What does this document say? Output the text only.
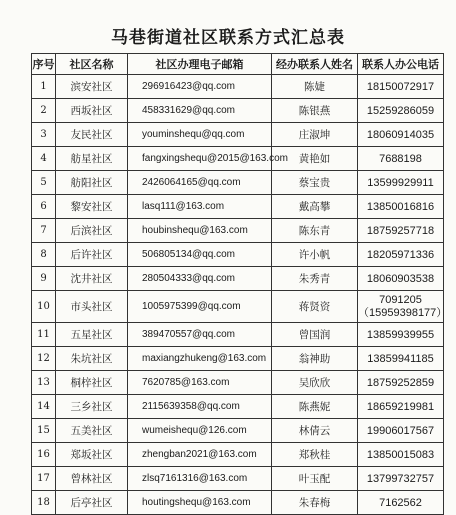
马巷街道社区联系方式汇总表
序号	社区名称	社区办理电子邮箱	经办联系人姓名	联系人办公电话
1	滨安社区	296916423@qq.com	陈婕	18150072917
2	西坂社区	458331629@qq.com	陈银燕	15259286059
3	友民社区	youminshequ@qq.com	庄淑坤	18060914035
4	舫星社区	fangxingshequ@2015@163.com	黄艳如	7688198
5	舫阳社区	2426064165@qq.com	蔡宝贵	13599929911
6	黎安社区	lasq111@163.com	戴高攀	13850016816
7	后滨社区	houbinshequ@163.com	陈东青	18759257718
8	后许社区	506805134@qq.com	许小帆	18205971336
9	沈井社区	280504333@qq.com	朱秀青	18060903538
10	市头社区	1005975399@qq.com	蒋贤资	7091205
（15959398177）

11	五星社区	389470557@qq.com	曾国润	13859939955
12	朱坑社区	maxiangzhukeng@163.com	翁神助	13859941185
13	桐梓社区	7620785@163.com	吴欣欣	18759252859
14	三乡社区	2115639358@qq.com	陈燕妮	18659219981
15	五美社区	wumeishequ@126.com	林倩云	19906017567
16	郑坂社区	zhengban2021@163.com	郑秋桂	13850015083
17	曾林社区	zlsq7161316@163.com	叶玉配	13799732757
18	后亭社区	houtingshequ@163.com	朱春梅	7162562
